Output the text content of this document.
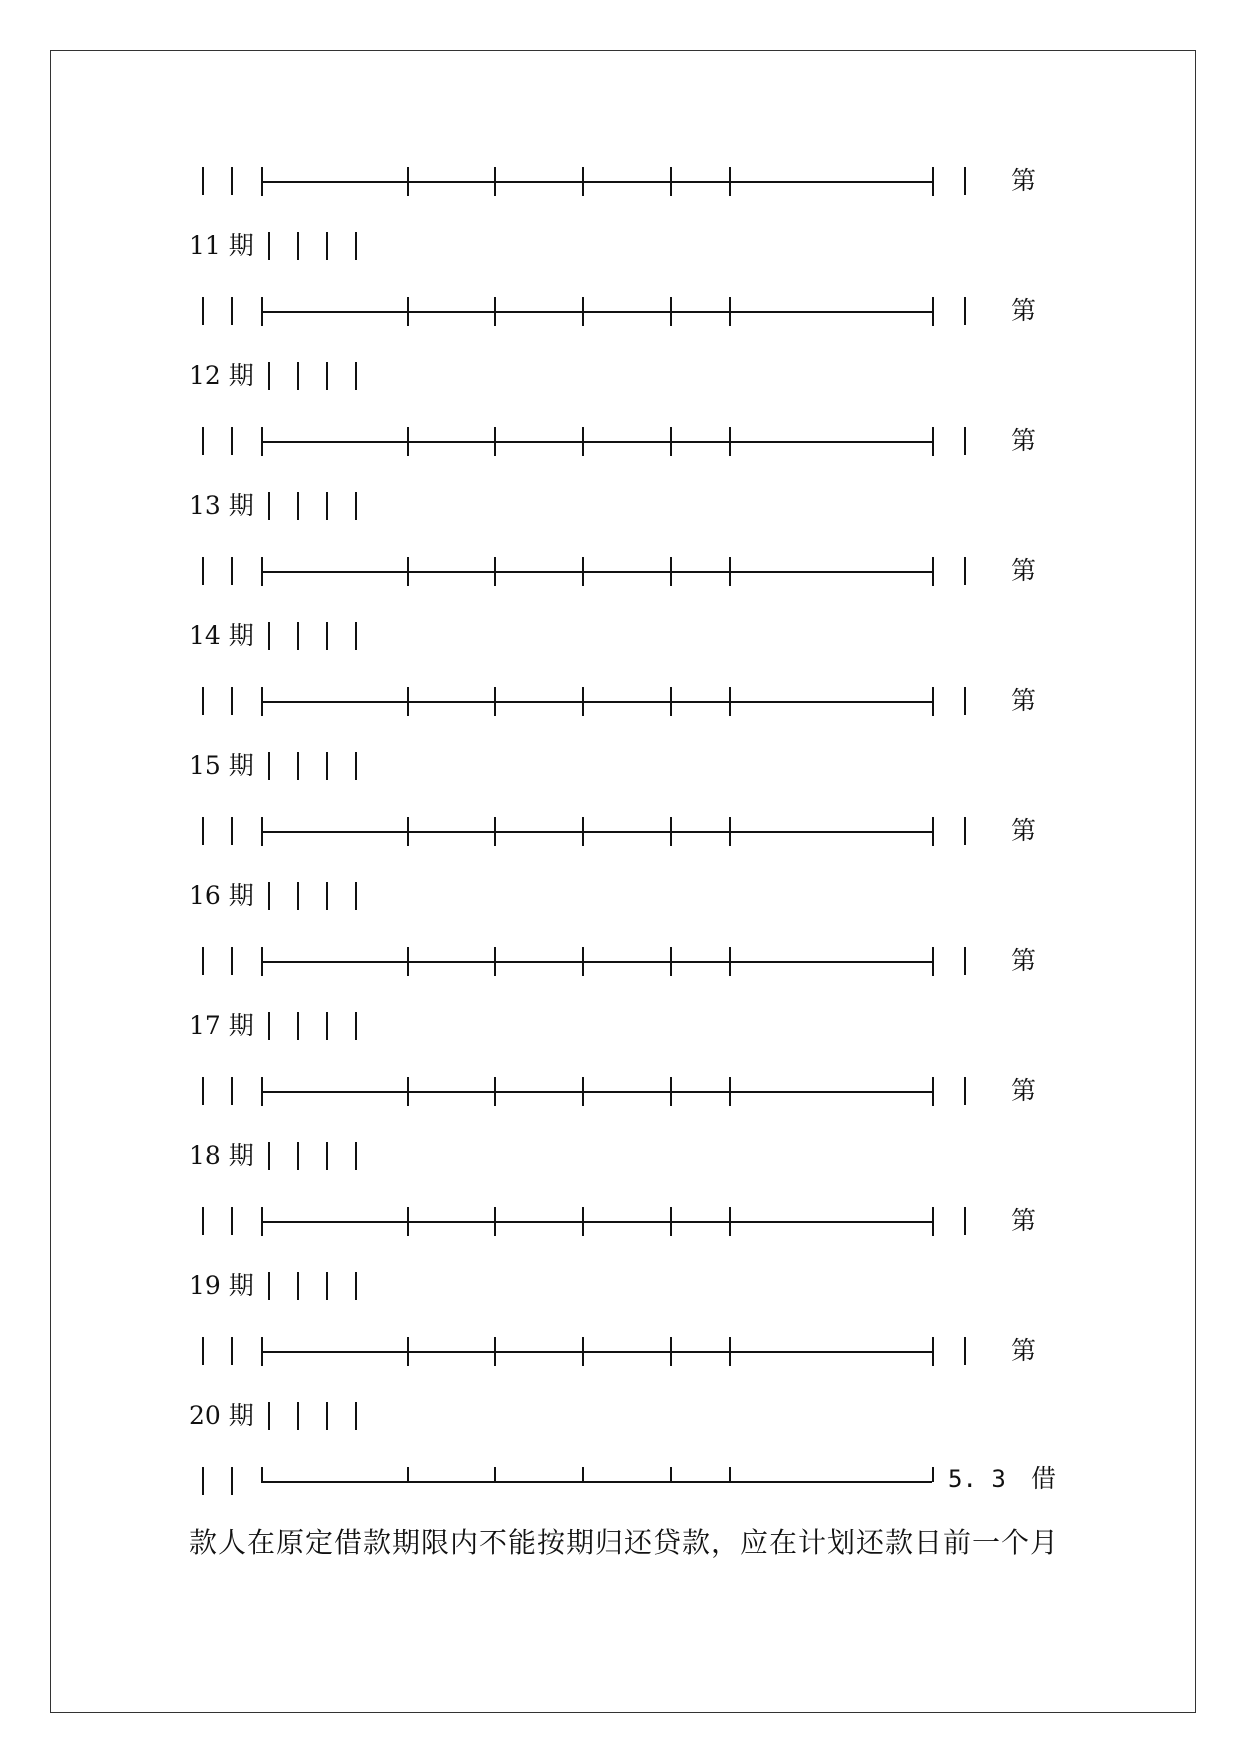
第
11 期
第
12 期
第
13 期
第
14 期
第
15 期
第
16 期
第
17 期
第
18 期
第
19 期
第
20 期
5. 3 借
款人在原定借款期限内不能按期归还贷款，应在计划还款日前一个月
